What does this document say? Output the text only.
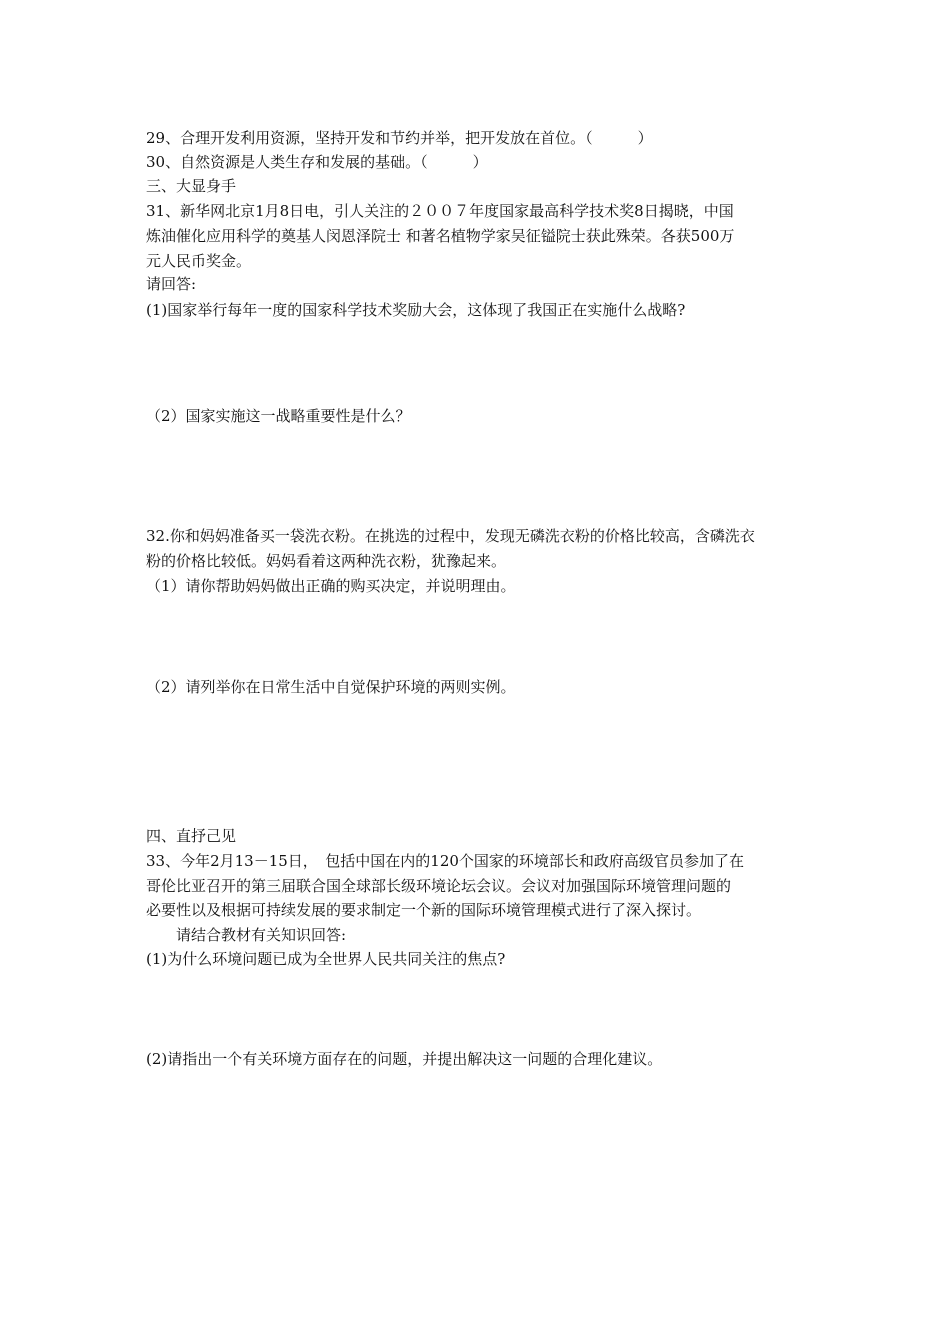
29、合理开发利用资源，坚持开发和节约并举，把开发放在首位。（　　　）
30、自然资源是人类生存和发展的基础。（　　　）
三、大显身手
31、新华网北京1月8日电，引人关注的２００７年度国家最高科学技术奖8日揭晓，中国
炼油催化应用科学的奠基人闵恩泽院士 和著名植物学家吴征镒院士获此殊荣。各获500万
元人民币奖金。
请回答:
(1)国家举行每年一度的国家科学技术奖励大会，这体现了我国正在实施什么战略?
（2）国家实施这一战略重要性是什么？
32.你和妈妈准备买一袋洗衣粉。在挑选的过程中，发现无磷洗衣粉的价格比较高，含磷洗衣
粉的价格比较低。妈妈看着这两种洗衣粉，犹豫起来。
（1）请你帮助妈妈做出正确的购买决定，并说明理由。
（2）请列举你在日常生活中自觉保护环境的两则实例。
四、直抒己见
33、今年2月13－15日，　包括中国在内的120个国家的环境部长和政府高级官员参加了在
哥伦比亚召开的第三届联合国全球部长级环境论坛会议。会议对加强国际环境管理问题的
必要性以及根据可持续发展的要求制定一个新的国际环境管理模式进行了深入探讨。
　　请结合教材有关知识回答:
(1)为什么环境问题已成为全世界人民共同关注的焦点?
(2)请指出一个有关环境方面存在的问题，并提出解决这一问题的合理化建议。
